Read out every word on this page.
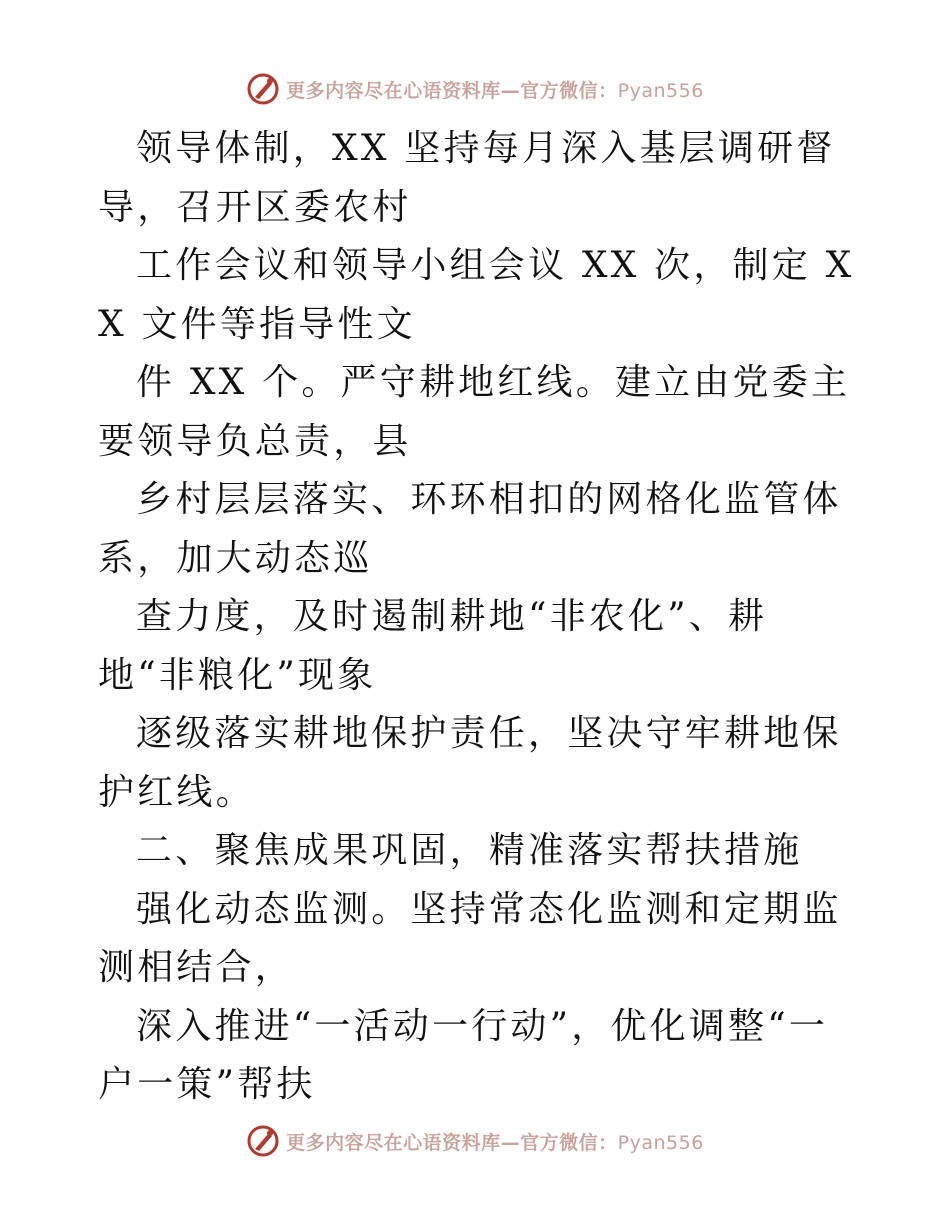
更多内容尽在心语资料库—官方微信：Pyan556

领导体制，XX 坚持每月深入基层调研督导，召开区委农村

工作会议和领导小组会议 XX 次，制定 XX 文件等指导性文

件 XX 个。严守耕地红线。建立由党委主要领导负总责，县

乡村层层落实、环环相扣的网格化监管体系，加大动态巡

查力度，及时遏制耕地“非农化”、耕地“非粮化”现象

逐级落实耕地保护责任，坚决守牢耕地保护红线。

二、聚焦成果巩固，精准落实帮扶措施

强化动态监测。坚持常态化监测和定期监测相结合，

深入推进“一活动一行动”，优化调整“一户一策”帮扶

更多内容尽在心语资料库—官方微信：Pyan556
